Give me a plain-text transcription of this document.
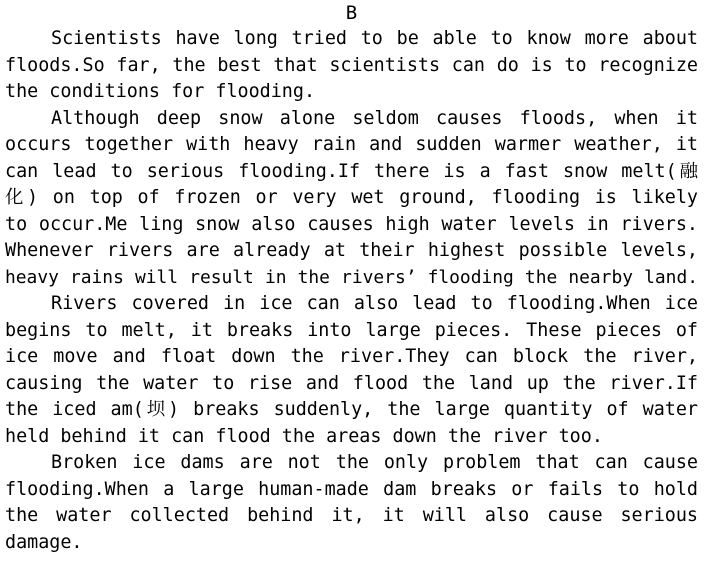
B
Scientists have long tried to be able to know more about
floods.So far, the best that scientists can do is to recognize
the conditions for flooding.
Although deep snow alone seldom causes floods, when it
occurs together with heavy rain and sudden warmer weather, it
can lead to serious flooding.If there is a fast snow melt(融
化) on top of frozen or very wet ground, flooding is likely
to occur.Me ling snow also causes high water levels in rivers.
Whenever rivers are already at their highest possible levels,
heavy rains will result in the rivers’ flooding the nearby land.
Rivers covered in ice can also lead to flooding.When ice
begins to melt, it breaks into large pieces. These pieces of
ice move and float down the river.They can block the river,
causing the water to rise and flood the land up the river.If
the iced am(坝) breaks suddenly, the large quantity of water
held behind it can flood the areas down the river too.
Broken ice dams are not the only problem that can cause
flooding.When a large human-made dam breaks or fails to hold
the water collected behind it, it will also cause serious
damage.
